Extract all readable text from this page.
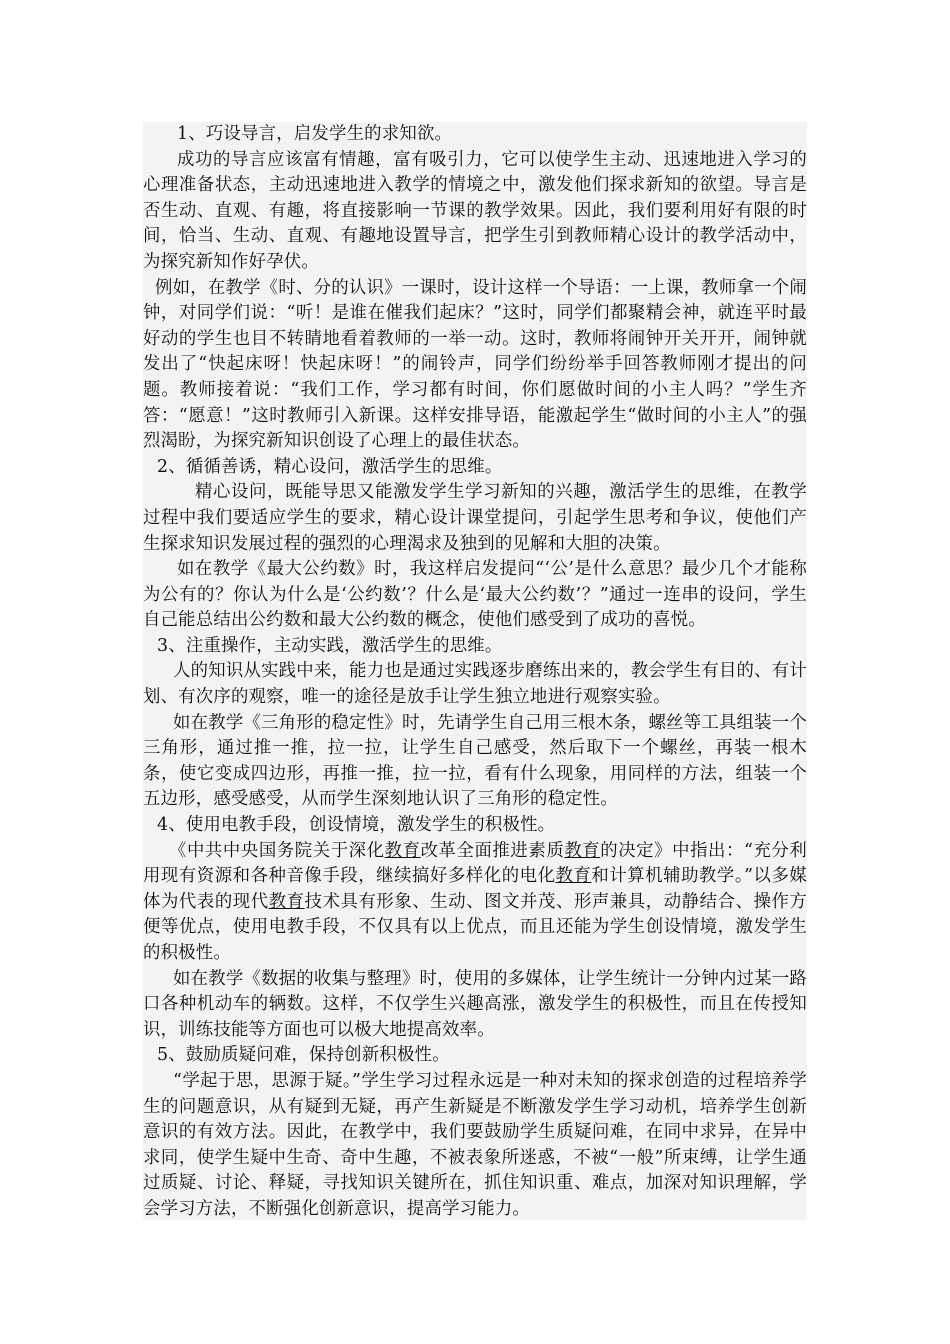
1、巧设导言，启发学生的求知欲。

成功的导言应该富有情趣，富有吸引力，它可以使学生主动、迅速地进入学习的心理准备状态，主动迅速地进入教学的情境之中，激发他们探求新知的欲望。导言是否生动、直观、有趣，将直接影响一节课的教学效果。因此，我们要利用好有限的时间，恰当、生动、直观、有趣地设置导言，把学生引到教师精心设计的教学活动中，为探究新知作好孕伏。

例如，在教学《时、分的认识》一课时，设计这样一个导语：一上课，教师拿一个闹钟，对同学们说：“听！是谁在催我们起床？”这时，同学们都聚精会神，就连平时最好动的学生也目不转睛地看着教师的一举一动。这时，教师将闹钟开关开开，闹钟就发出了“快起床呀！快起床呀！”的闹铃声，同学们纷纷举手回答教师刚才提出的问题。教师接着说：“我们工作，学习都有时间，你们愿做时间的小主人吗？”学生齐答：“愿意！”这时教师引入新课。这样安排导语，能激起学生“做时间的小主人”的强烈渴盼，为探究新知识创设了心理上的最佳状态。

2、循循善诱，精心设问，激活学生的思维。

精心设问，既能导思又能激发学生学习新知的兴趣，激活学生的思维，在教学过程中我们要适应学生的要求，精心设计课堂提问，引起学生思考和争议，使他们产生探求知识发展过程的强烈的心理渴求及独到的见解和大胆的决策。

如在教学《最大公约数》时，我这样启发提问“‘公’是什么意思？最少几个才能称为公有的？你认为什么是‘公约数’？什么是‘最大公约数’？”通过一连串的设问，学生自己能总结出公约数和最大公约数的概念，使他们感受到了成功的喜悦。

3、注重操作，主动实践，激活学生的思维。

人的知识从实践中来，能力也是通过实践逐步磨练出来的，教会学生有目的、有计划、有次序的观察，唯一的途径是放手让学生独立地进行观察实验。

如在教学《三角形的稳定性》时，先请学生自己用三根木条，螺丝等工具组装一个三角形，通过推一推，拉一拉，让学生自己感受，然后取下一个螺丝，再装一根木条，使它变成四边形，再推一推，拉一拉，看有什么现象，用同样的方法，组装一个五边形，感受感受，从而学生深刻地认识了三角形的稳定性。

4、使用电教手段，创设情境，激发学生的积极性。

《中共中央国务院关于深化教育改革全面推进素质教育的决定》中指出：“充分利用现有资源和各种音像手段，继续搞好多样化的电化教育和计算机辅助教学。”以多媒体为代表的现代教育技术具有形象、生动、图文并茂、形声兼具，动静结合、操作方便等优点，使用电教手段，不仅具有以上优点，而且还能为学生创设情境，激发学生的积极性。

如在教学《数据的收集与整理》时，使用的多媒体，让学生统计一分钟内过某一路口各种机动车的辆数。这样，不仅学生兴趣高涨，激发学生的积极性，而且在传授知识，训练技能等方面也可以极大地提高效率。

5、鼓励质疑问难，保持创新积极性。

“学起于思，思源于疑。”学生学习过程永远是一种对未知的探求创造的过程培养学生的问题意识，从有疑到无疑，再产生新疑是不断激发学生学习动机，培养学生创新意识的有效方法。因此，在教学中，我们要鼓励学生质疑问难，在同中求异，在异中求同，使学生疑中生奇、奇中生趣，不被表象所迷惑，不被“一般”所束缚，让学生通过质疑、讨论、释疑，寻找知识关键所在，抓住知识重、难点，加深对知识理解，学会学习方法，不断强化创新意识，提高学习能力。
